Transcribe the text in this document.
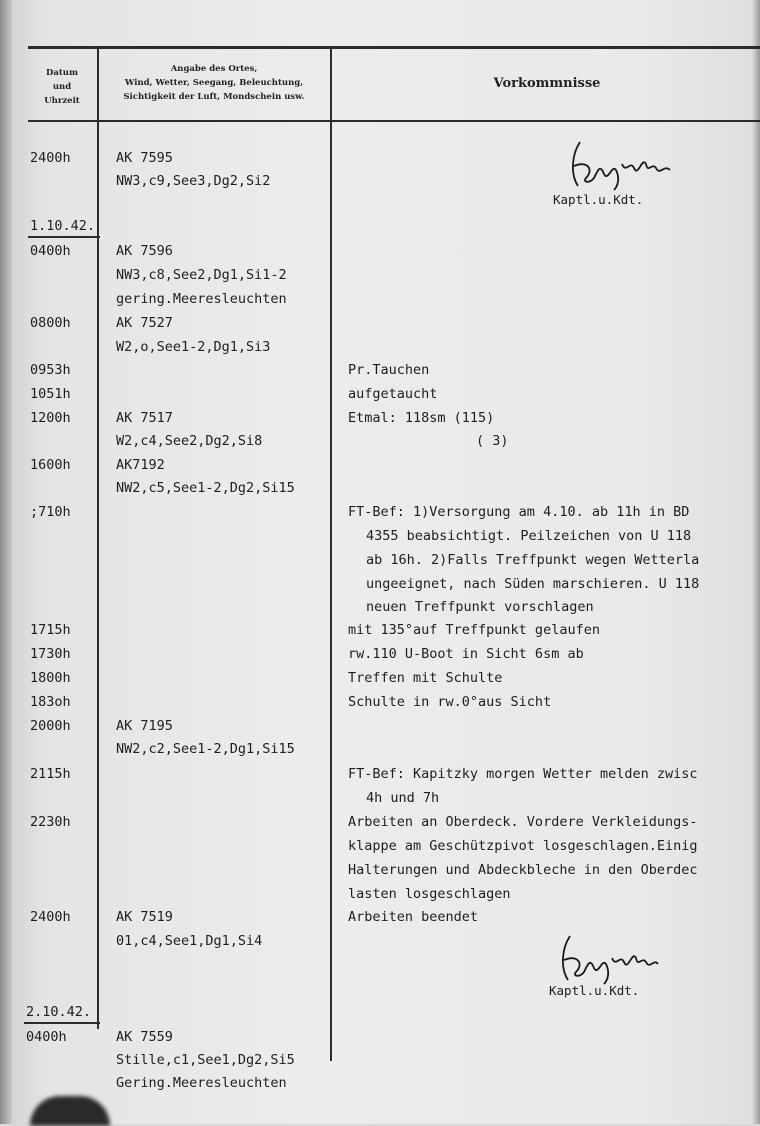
Datum
und
Uhrzeit
Angabe des Ortes,
Wind, Wetter, Seegang, Beleuchtung,
Sichtigkeit der Luft, Mondschein usw.
Vorkommnisse
Kaptl.u.Kdt.
Kaptl.u.Kdt.
1.10.42.
2.10.42.
2400h
0400h
0800h
0953h
1051h
1200h
1600h
;710h
1715h
1730h
1800h
183oh
2000h
2115h
2230h
2400h
0400h
AK 7595
NW3,c9,See3,Dg2,Si2
AK 7596
NW3,c8,See2,Dg1,Si1-2
gering.Meeresleuchten
AK 7527
W2,o,See1-2,Dg1,Si3
AK 7517
W2,c4,See2,Dg2,Si8
AK7192
NW2,c5,See1-2,Dg2,Si15
AK 7195
NW2,c2,See1-2,Dg1,Si15
AK 7519
01,c4,See1,Dg1,Si4
AK 7559
Stille,c1,See1,Dg2,Si5
Gering.Meeresleuchten
Pr.Tauchen
aufgetaucht
Etmal: 118sm (115)
( 3)
FT-Bef: 1)Versorgung am 4.10. ab 11h in BD
4355 beabsichtigt. Peilzeichen von U 118
ab 16h. 2)Falls Treffpunkt wegen Wetterla
ungeeignet, nach Süden marschieren. U 118
neuen Treffpunkt vorschlagen
mit 135°auf Treffpunkt gelaufen
rw.110 U-Boot in Sicht 6sm ab
Treffen mit Schulte
Schulte in rw.0°aus Sicht
FT-Bef: Kapitzky morgen Wetter melden zwisc
4h und 7h
Arbeiten an Oberdeck. Vordere Verkleidungs-
klappe am Geschützpivot losgeschlagen.Einig
Halterungen und Abdeckbleche in den Oberdec
lasten losgeschlagen
Arbeiten beendet
